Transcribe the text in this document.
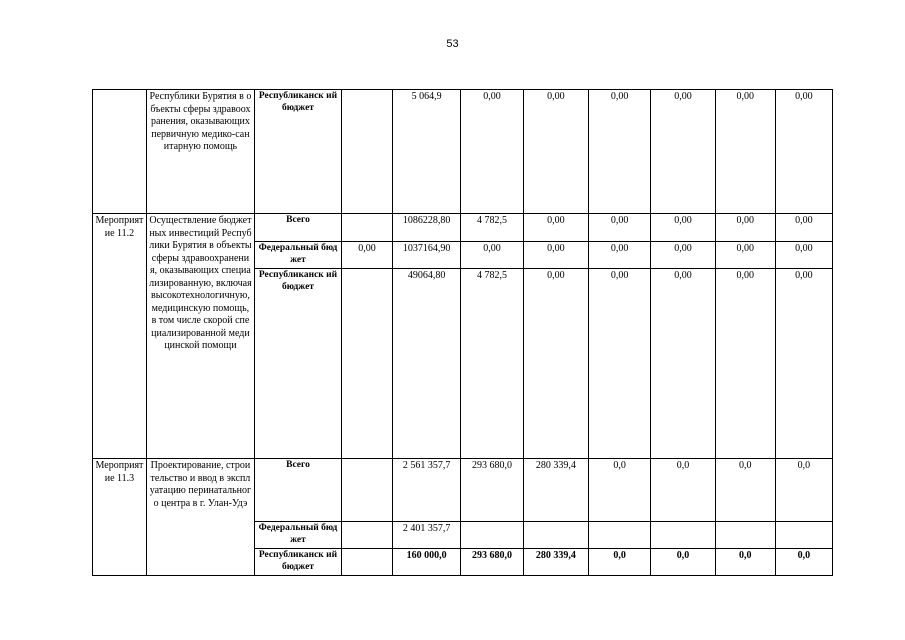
53

	Республики Бурятия в объекты сферы здравоохранения, оказывающих первичную медико-санитарную помощь	Республиканск ий бюджет		5 064,9	0,00	0,00	0,00	0,00	0,00	0,00
Мероприятие 11.2	Осуществление бюджетных инвестиций Республики Бурятия в объекты сферы здравоохранения, оказывающих специализированную, включая высокотехнологичную, медицинскую помощь, в том числе скорой специализированной медицинской помощи	Всего		1086228,80	4 782,5	0,00	0,00	0,00	0,00	0,00
		Федеральный бюджет	0,00	1037164,90	0,00	0,00	0,00	0,00	0,00	0,00
		Республиканск ий бюджет		49064,80	4 782,5	0,00	0,00	0,00	0,00	0,00
Мероприятие 11.3	Проектирование, строительство и ввод в эксплуатацию перинатального центра в г. Улан-Удэ	Всего		2 561 357,7	293 680,0	280 339,4	0,0	0,0	0,0	0,0
		Федеральный бюджет		2 401 357,7						
		Республиканск ий бюджет		160 000,0	293 680,0	280 339,4	0,0	0,0	0,0	0,0
